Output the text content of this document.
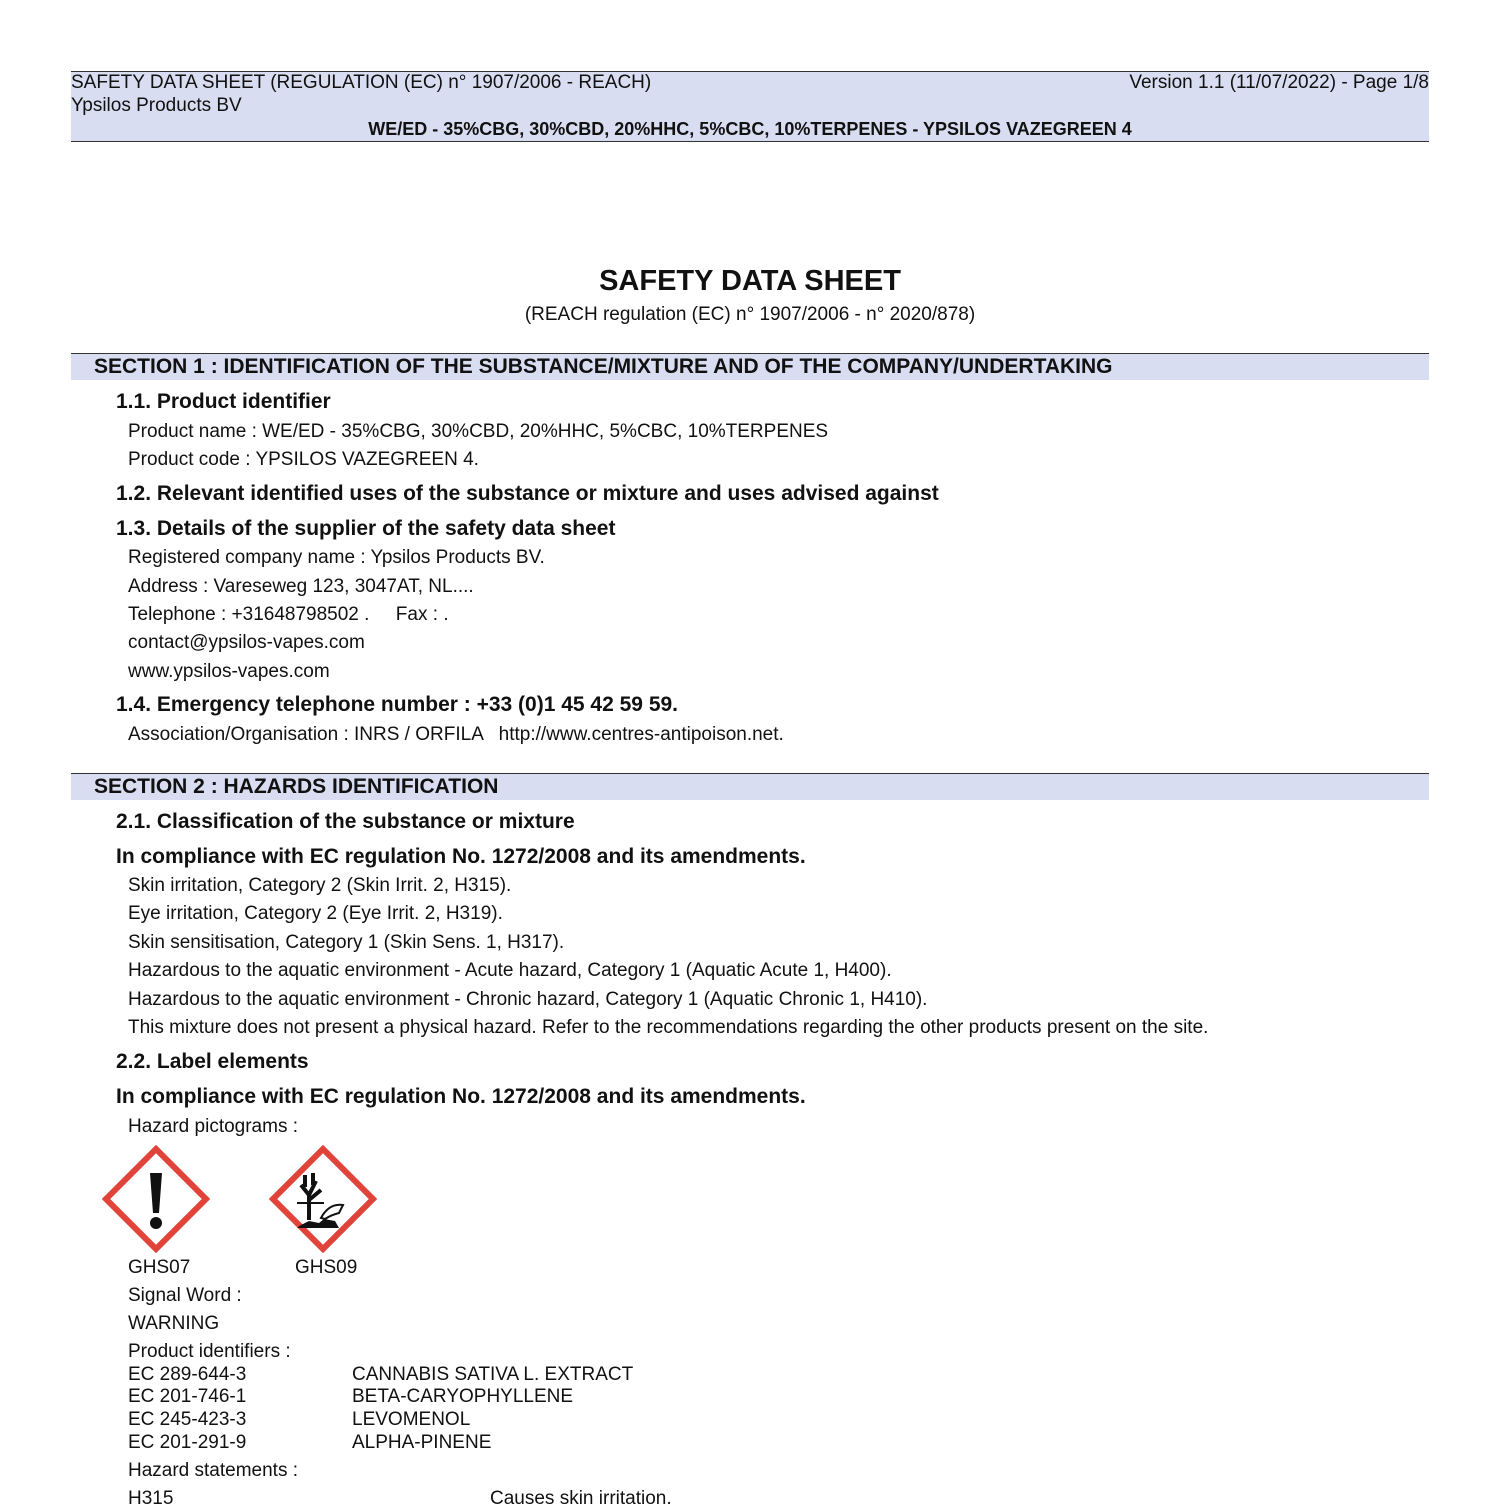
SAFETY DATA SHEET (REGULATION (EC) n° 1907/2006 - REACH)	Version 1.1 (11/07/2022) - Page 1/8
Ypsilos Products BV
WE/ED - 35%CBG, 30%CBD, 20%HHC, 5%CBC, 10%TERPENES - YPSILOS VAZEGREEN 4
SAFETY DATA SHEET
(REACH regulation (EC) n° 1907/2006 - n° 2020/878)
SECTION 1 : IDENTIFICATION OF THE SUBSTANCE/MIXTURE AND OF THE COMPANY/UNDERTAKING
1.1. Product identifier
Product name : WE/ED - 35%CBG, 30%CBD, 20%HHC, 5%CBC, 10%TERPENES
Product code : YPSILOS VAZEGREEN 4.
1.2. Relevant identified uses of the substance or mixture and uses advised against
1.3. Details of the supplier of the safety data sheet
Registered company name : Ypsilos Products BV.
Address : Vareseweg 123, 3047AT, NL....
Telephone : +31648798502 .     Fax : .
contact@ypsilos-vapes.com
www.ypsilos-vapes.com
1.4. Emergency telephone number : +33 (0)1 45 42 59 59.
Association/Organisation : INRS / ORFILA   http://www.centres-antipoison.net.
SECTION 2 : HAZARDS IDENTIFICATION
2.1. Classification of the substance or mixture
In compliance with EC regulation No. 1272/2008 and its amendments.
Skin irritation, Category 2 (Skin Irrit. 2, H315).
Eye irritation, Category 2 (Eye Irrit. 2, H319).
Skin sensitisation, Category 1 (Skin Sens. 1, H317).
Hazardous to the aquatic environment - Acute hazard, Category 1 (Aquatic Acute 1, H400).
Hazardous to the aquatic environment - Chronic hazard, Category 1 (Aquatic Chronic 1, H410).
This mixture does not present a physical hazard. Refer to the recommendations regarding the other products present on the site.
2.2. Label elements
In compliance with EC regulation No. 1272/2008 and its amendments.
Hazard pictograms :
GHS07	GHS09
Signal Word :
WARNING
Product identifiers :
EC 289-644-3	CANNABIS SATIVA L. EXTRACT
EC 201-746-1	BETA-CARYOPHYLLENE
EC 245-423-3	LEVOMENOL
EC 201-291-9	ALPHA-PINENE
Hazard statements :
H315	Causes skin irritation.
